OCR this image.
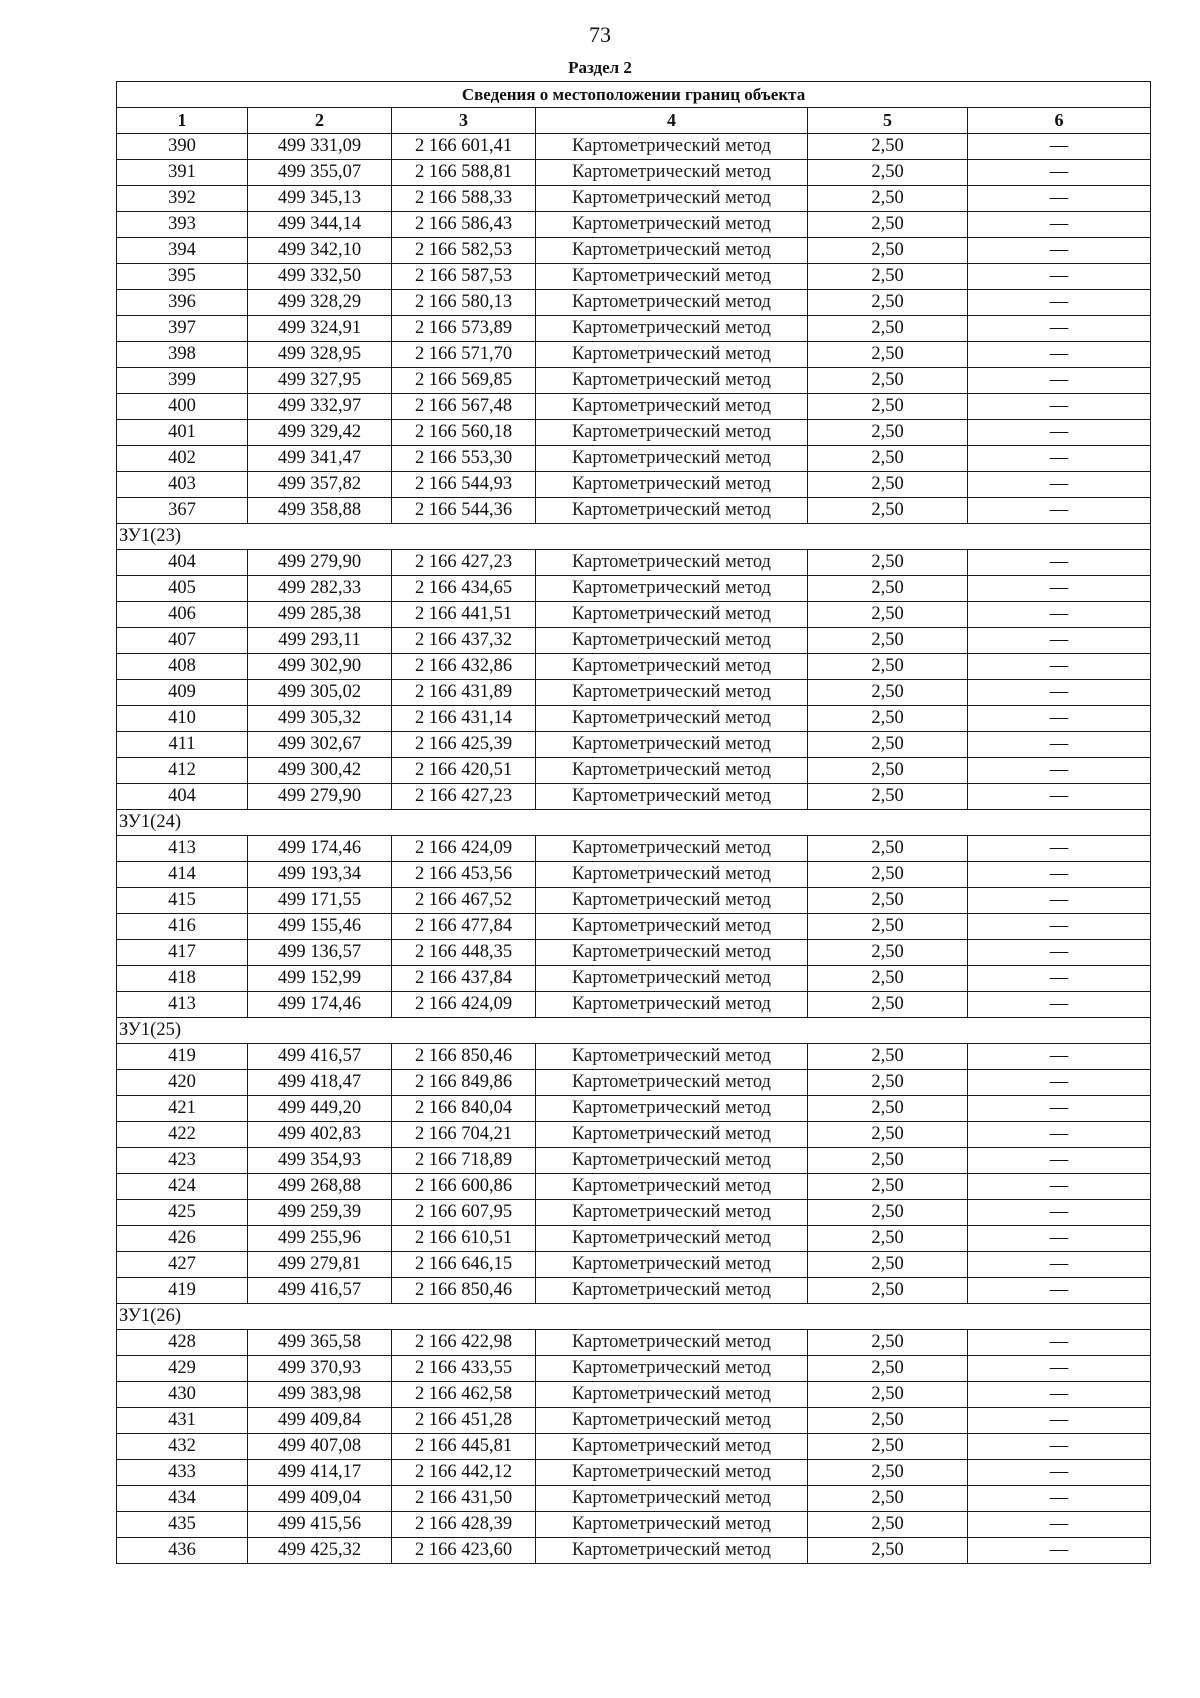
73
Раздел 2
Сведения о местоположении границ объекта					
1	2	3	4	5	6
390	499 331,09	2 166 601,41	Картометрический метод	2,50	—
391	499 355,07	2 166 588,81	Картометрический метод	2,50	—
392	499 345,13	2 166 588,33	Картометрический метод	2,50	—
393	499 344,14	2 166 586,43	Картометрический метод	2,50	—
394	499 342,10	2 166 582,53	Картометрический метод	2,50	—
395	499 332,50	2 166 587,53	Картометрический метод	2,50	—
396	499 328,29	2 166 580,13	Картометрический метод	2,50	—
397	499 324,91	2 166 573,89	Картометрический метод	2,50	—
398	499 328,95	2 166 571,70	Картометрический метод	2,50	—
399	499 327,95	2 166 569,85	Картометрический метод	2,50	—
400	499 332,97	2 166 567,48	Картометрический метод	2,50	—
401	499 329,42	2 166 560,18	Картометрический метод	2,50	—
402	499 341,47	2 166 553,30	Картометрический метод	2,50	—
403	499 357,82	2 166 544,93	Картометрический метод	2,50	—
367	499 358,88	2 166 544,36	Картометрический метод	2,50	—
ЗУ1(23)					
404	499 279,90	2 166 427,23	Картометрический метод	2,50	—
405	499 282,33	2 166 434,65	Картометрический метод	2,50	—
406	499 285,38	2 166 441,51	Картометрический метод	2,50	—
407	499 293,11	2 166 437,32	Картометрический метод	2,50	—
408	499 302,90	2 166 432,86	Картометрический метод	2,50	—
409	499 305,02	2 166 431,89	Картометрический метод	2,50	—
410	499 305,32	2 166 431,14	Картометрический метод	2,50	—
411	499 302,67	2 166 425,39	Картометрический метод	2,50	—
412	499 300,42	2 166 420,51	Картометрический метод	2,50	—
404	499 279,90	2 166 427,23	Картометрический метод	2,50	—
ЗУ1(24)					
413	499 174,46	2 166 424,09	Картометрический метод	2,50	—
414	499 193,34	2 166 453,56	Картометрический метод	2,50	—
415	499 171,55	2 166 467,52	Картометрический метод	2,50	—
416	499 155,46	2 166 477,84	Картометрический метод	2,50	—
417	499 136,57	2 166 448,35	Картометрический метод	2,50	—
418	499 152,99	2 166 437,84	Картометрический метод	2,50	—
413	499 174,46	2 166 424,09	Картометрический метод	2,50	—
ЗУ1(25)					
419	499 416,57	2 166 850,46	Картометрический метод	2,50	—
420	499 418,47	2 166 849,86	Картометрический метод	2,50	—
421	499 449,20	2 166 840,04	Картометрический метод	2,50	—
422	499 402,83	2 166 704,21	Картометрический метод	2,50	—
423	499 354,93	2 166 718,89	Картометрический метод	2,50	—
424	499 268,88	2 166 600,86	Картометрический метод	2,50	—
425	499 259,39	2 166 607,95	Картометрический метод	2,50	—
426	499 255,96	2 166 610,51	Картометрический метод	2,50	—
427	499 279,81	2 166 646,15	Картометрический метод	2,50	—
419	499 416,57	2 166 850,46	Картометрический метод	2,50	—
ЗУ1(26)					
428	499 365,58	2 166 422,98	Картометрический метод	2,50	—
429	499 370,93	2 166 433,55	Картометрический метод	2,50	—
430	499 383,98	2 166 462,58	Картометрический метод	2,50	—
431	499 409,84	2 166 451,28	Картометрический метод	2,50	—
432	499 407,08	2 166 445,81	Картометрический метод	2,50	—
433	499 414,17	2 166 442,12	Картометрический метод	2,50	—
434	499 409,04	2 166 431,50	Картометрический метод	2,50	—
435	499 415,56	2 166 428,39	Картометрический метод	2,50	—
436	499 425,32	2 166 423,60	Картометрический метод	2,50	—
